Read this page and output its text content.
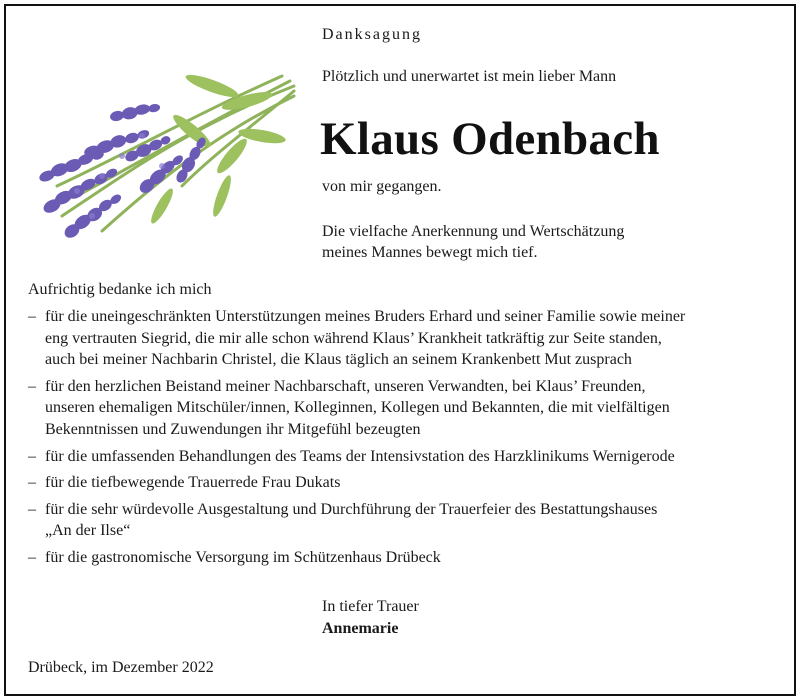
Danksagung
Plötzlich und unerwartet ist mein lieber Mann
Klaus Odenbach
von mir gegangen.
Die vielfache Anerkennung und Wertschätzung
meines Mannes bewegt mich tief.
Aufrichtig bedanke ich mich
– für die uneingeschränkten Unterstützungen meines Bruders Erhard und seiner Familie sowie meiner
eng vertrauten Siegrid, die mir alle schon während Klaus’ Krankheit tatkräftig zur Seite standen,
auch bei meiner Nachbarin Christel, die Klaus täglich an seinem Krankenbett Mut zusprach
– für den herzlichen Beistand meiner Nachbarschaft, unseren Verwandten, bei Klaus’ Freunden,
unseren ehemaligen Mitschüler/innen, Kolleginnen, Kollegen und Bekannten, die mit vielfältigen
Bekenntnissen und Zuwendungen ihr Mitgefühl bezeugten
– für die umfassenden Behandlungen des Teams der Intensivstation des Harzklinikums Wernigerode
– für die tiefbewegende Trauerrede Frau Dukats
– für die sehr würdevolle Ausgestaltung und Durchführung der Trauerfeier des Bestattungshauses
„An der Ilse“
– für die gastronomische Versorgung im Schützenhaus Drübeck
In tiefer Trauer
Annemarie
Drübeck, im Dezember 2022
